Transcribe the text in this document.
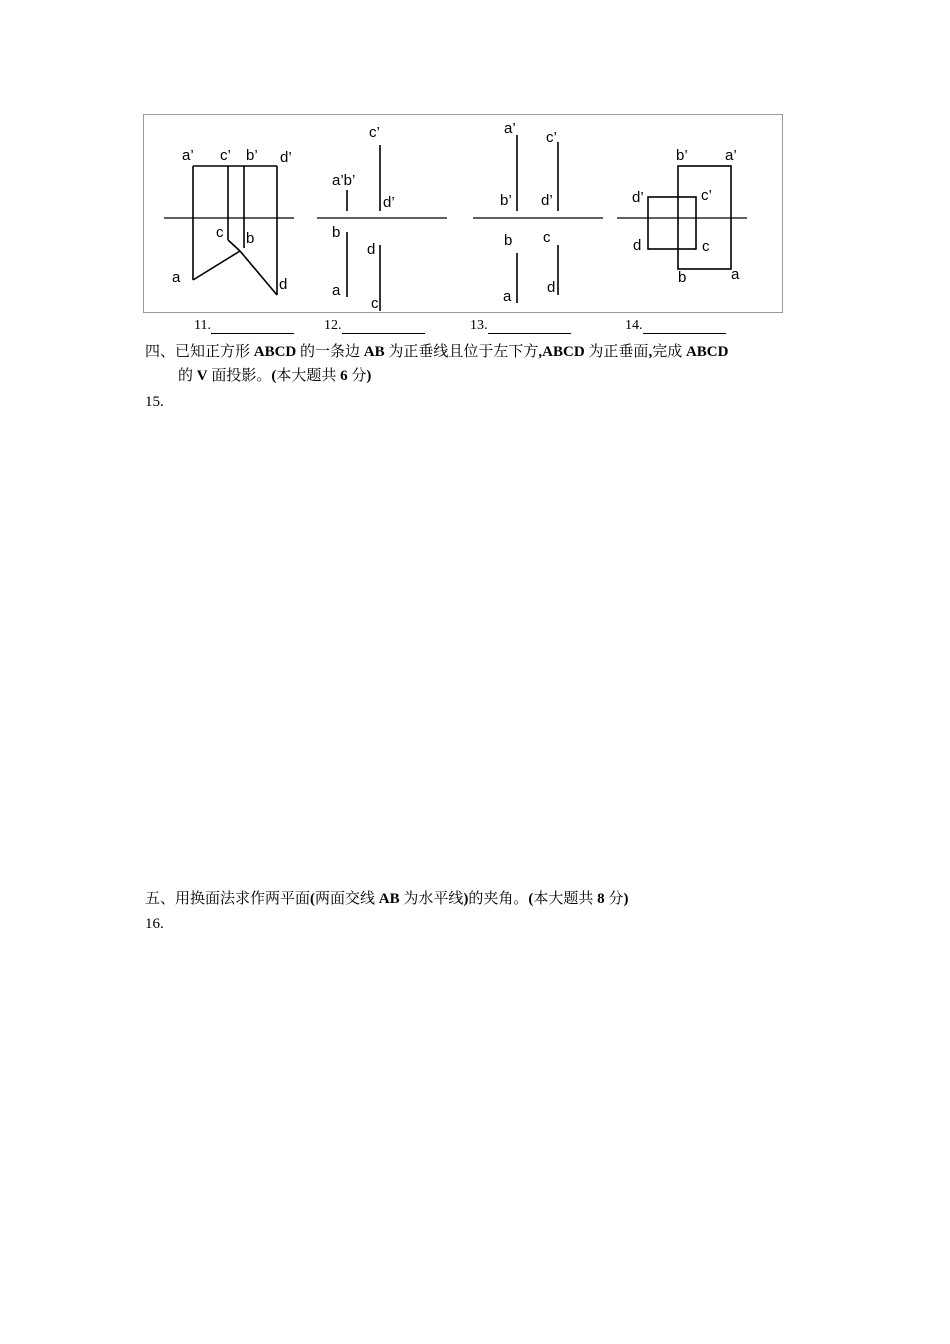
a’ c’ b’ d’
c b
a	d
c’
a’b’
d’
b
d
a
c
a’
c’
b’ d’
b c
a
d
b’ a’
d’	c’
d	c
b	a
11.	12.	13.	14.
四、已知正方形 ABCD 的一条边 AB 为正垂线且位于左下方,ABCD 为正垂面,完成 ABCD
的 V 面投影。(本大题共 6 分)
15.
五、用换面法求作两平面(两面交线 AB 为水平线)的夹角。(本大题共 8 分)
16.
